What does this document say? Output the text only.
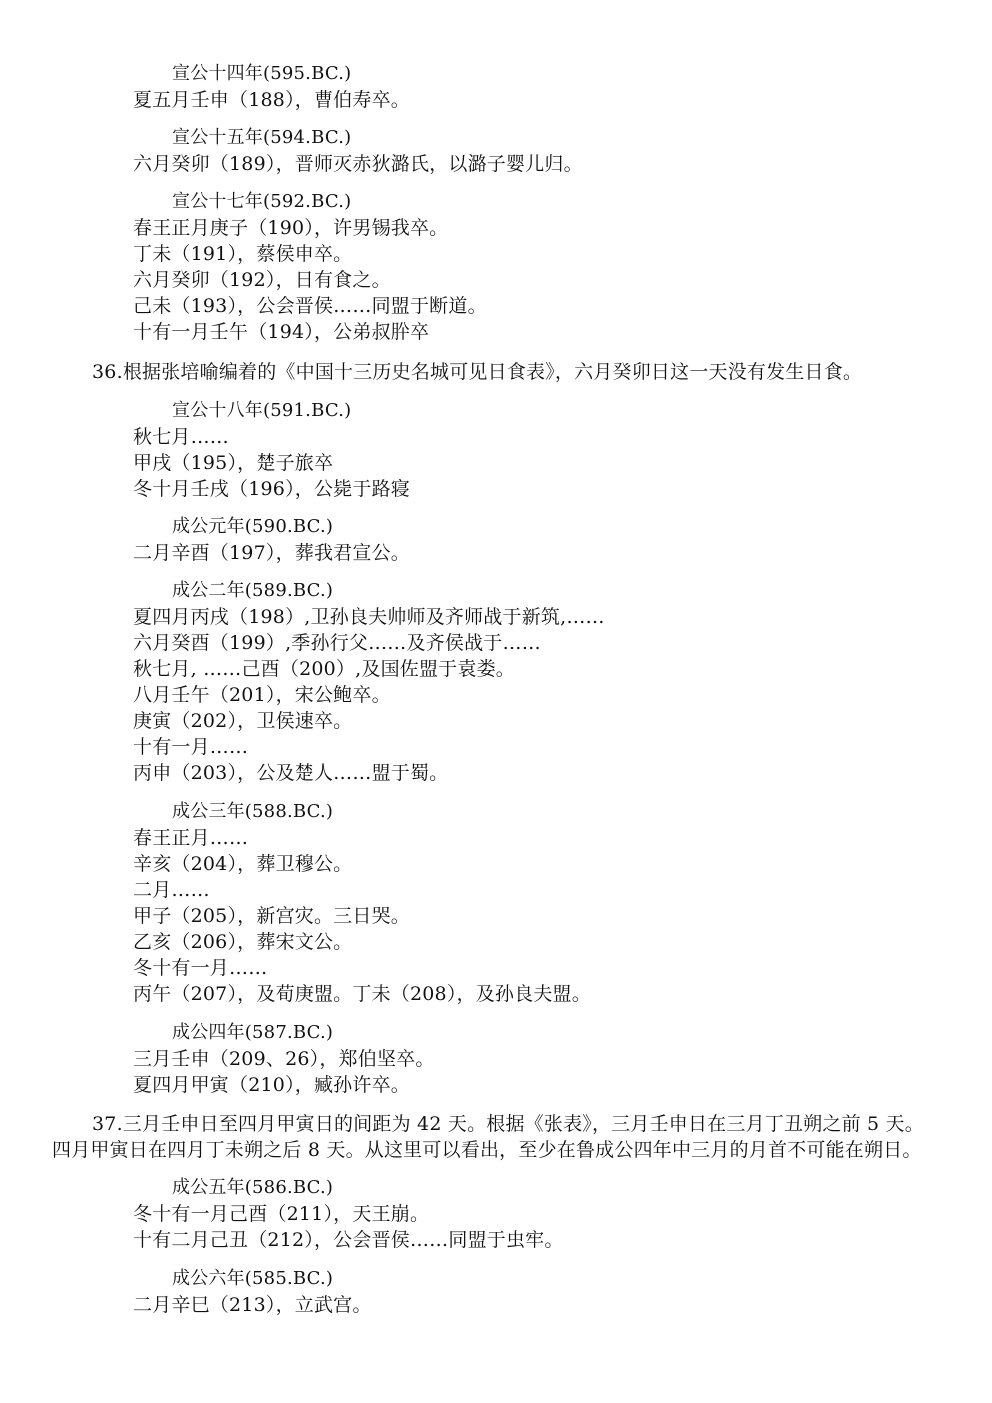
宣公十四年(595.BC.)
夏五月壬申（188），曹伯寿卒。
宣公十五年(594.BC.)
六月癸卯（189），晋师灭赤狄潞氏，以潞子婴儿归。
宣公十七年(592.BC.)
春王正月庚子（190），许男锡我卒。
丁未（191），蔡侯申卒。
六月癸卯（192），日有食之。
己未（193），公会晋侯……同盟于断道。
十有一月壬午（194），公弟叔肸卒
36.根据张培喻编着的《中国十三历史名城可见日食表》，六月癸卯日这一天没有发生日食。
宣公十八年(591.BC.)
秋七月……
甲戌（195），楚子旅卒
冬十月壬戌（196），公毙于路寝
成公元年(590.BC.)
二月辛酉（197），葬我君宣公。
成公二年(589.BC.)
夏四月丙戌（198）,卫孙良夫帅师及齐师战于新筑,……
六月癸酉（199）,季孙行父……及齐侯战于……
秋七月, ……己酉（200）,及国佐盟于袁娄。
八月壬午（201），宋公鲍卒。
庚寅（202），卫侯速卒。
十有一月……
丙申（203），公及楚人……盟于蜀。
成公三年(588.BC.)
春王正月……
辛亥（204），葬卫穆公。
二月……
甲子（205），新宫灾。三日哭。
乙亥（206），葬宋文公。
冬十有一月……
丙午（207），及荀庚盟。丁未（208），及孙良夫盟。
成公四年(587.BC.)
三月壬申（209、26），郑伯坚卒。
夏四月甲寅（210），臧孙许卒。
37.三月壬申日至四月甲寅日的间距为 42 天。根据《张表》，三月壬申日在三月丁丑朔之前 5 天。
四月甲寅日在四月丁未朔之后 8 天。从这里可以看出，至少在鲁成公四年中三月的月首不可能在朔日。
成公五年(586.BC.)
冬十有一月己酉（211），天王崩。
十有二月己丑（212），公会晋侯……同盟于虫牢。
成公六年(585.BC.)
二月辛巳（213），立武宫。
